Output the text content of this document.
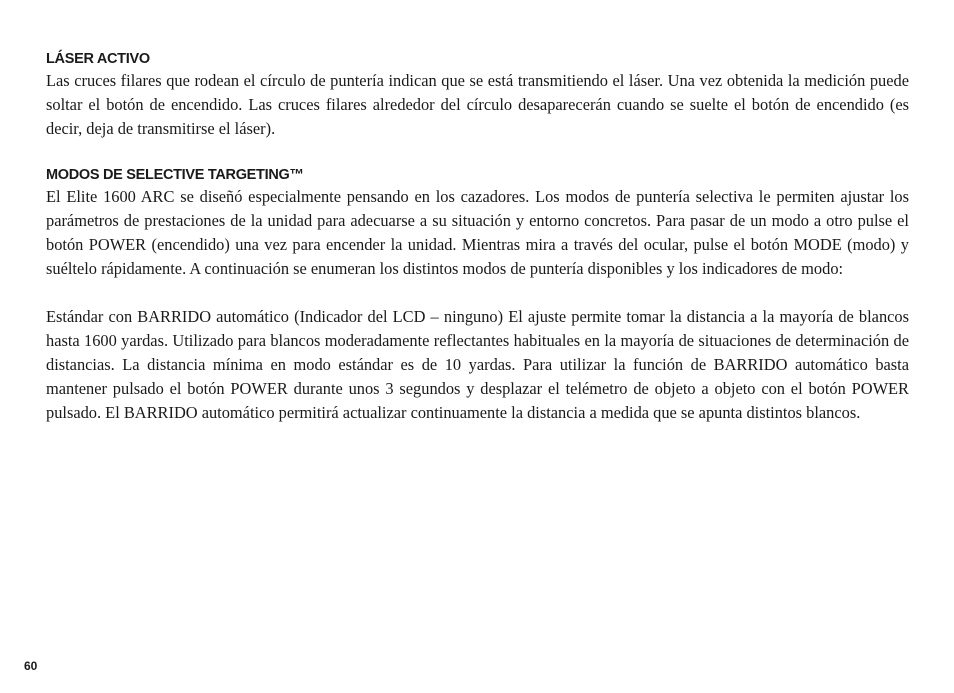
LÁSER ACTIVO

Las cruces filares que rodean el círculo de puntería indican que se está transmitiendo el láser. Una vez obtenida la medición puede soltar el botón de encendido. Las cruces filares alrededor del círculo desaparecerán cuando se suelte el botón de encendido (es decir, deja de transmitirse el láser).

MODOS DE SELECTIVE TARGETING™

El Elite 1600 ARC se diseñó especialmente pensando en los cazadores. Los modos de puntería selectiva le permiten ajustar los parámetros de prestaciones de la unidad para adecuarse a su situación y entorno concretos. Para pasar de un modo a otro pulse el botón POWER (encendido) una vez para encender la unidad. Mientras mira a través del ocular, pulse el botón MODE (modo) y suéltelo rápidamente. A continuación se enumeran los distintos modos de puntería disponibles y los indicadores de modo:

Estándar con BARRIDO automático (Indicador del LCD – ninguno) El ajuste permite tomar la distancia a la mayoría de blancos hasta 1600 yardas. Utilizado para blancos moderadamente reflectantes habituales en la mayoría de situaciones de determinación de distancias. La distancia mínima en modo estándar es de 10 yardas. Para utilizar la función de BARRIDO automático basta mantener pulsado el botón POWER durante unos 3 segundos y desplazar el telémetro de objeto a objeto con el botón POWER pulsado. El BARRIDO automático permitirá actualizar continuamente la distancia a medida que se apunta distintos blancos.

60
